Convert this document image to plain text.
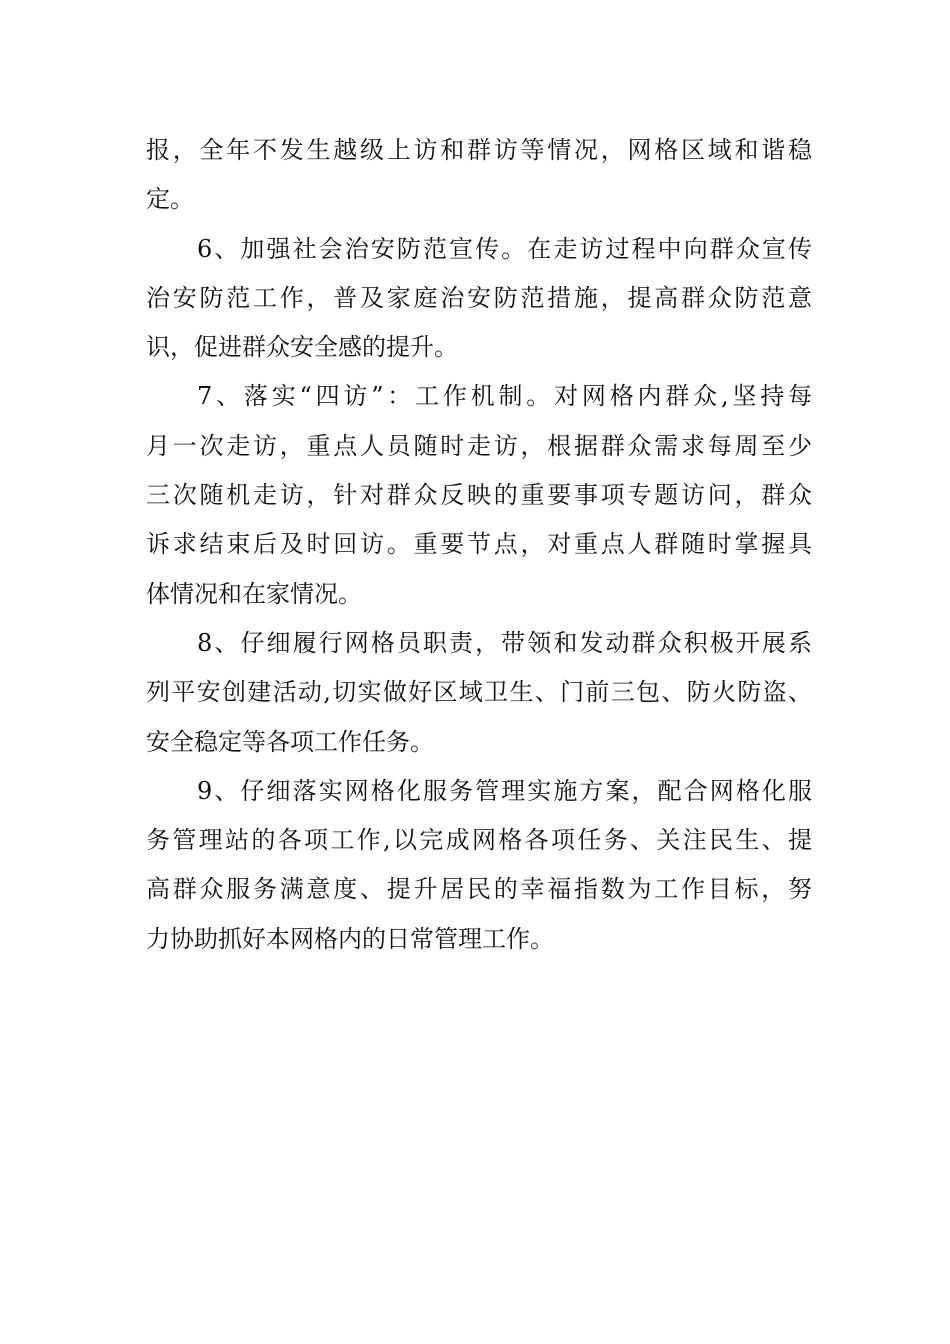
报，全年不发生越级上访和群访等情况，网格区域和谐稳
定。
6、加强社会治安防范宣传。在走访过程中向群众宣传
治安防范工作，普及家庭治安防范措施，提高群众防范意
识，促进群众安全感的提升。
7、落实“四访”：工作机制。对网格内群众,坚持每
月一次走访，重点人员随时走访，根据群众需求每周至少
三次随机走访，针对群众反映的重要事项专题访问，群众
诉求结束后及时回访。重要节点，对重点人群随时掌握具
体情况和在家情况。
8、仔细履行网格员职责，带领和发动群众积极开展系
列平安创建活动,切实做好区域卫生、门前三包、防火防盗、
安全稳定等各项工作任务。
9、仔细落实网格化服务管理实施方案，配合网格化服
务管理站的各项工作,以完成网格各项任务、关注民生、提
高群众服务满意度、提升居民的幸福指数为工作目标，努
力协助抓好本网格内的日常管理工作。
